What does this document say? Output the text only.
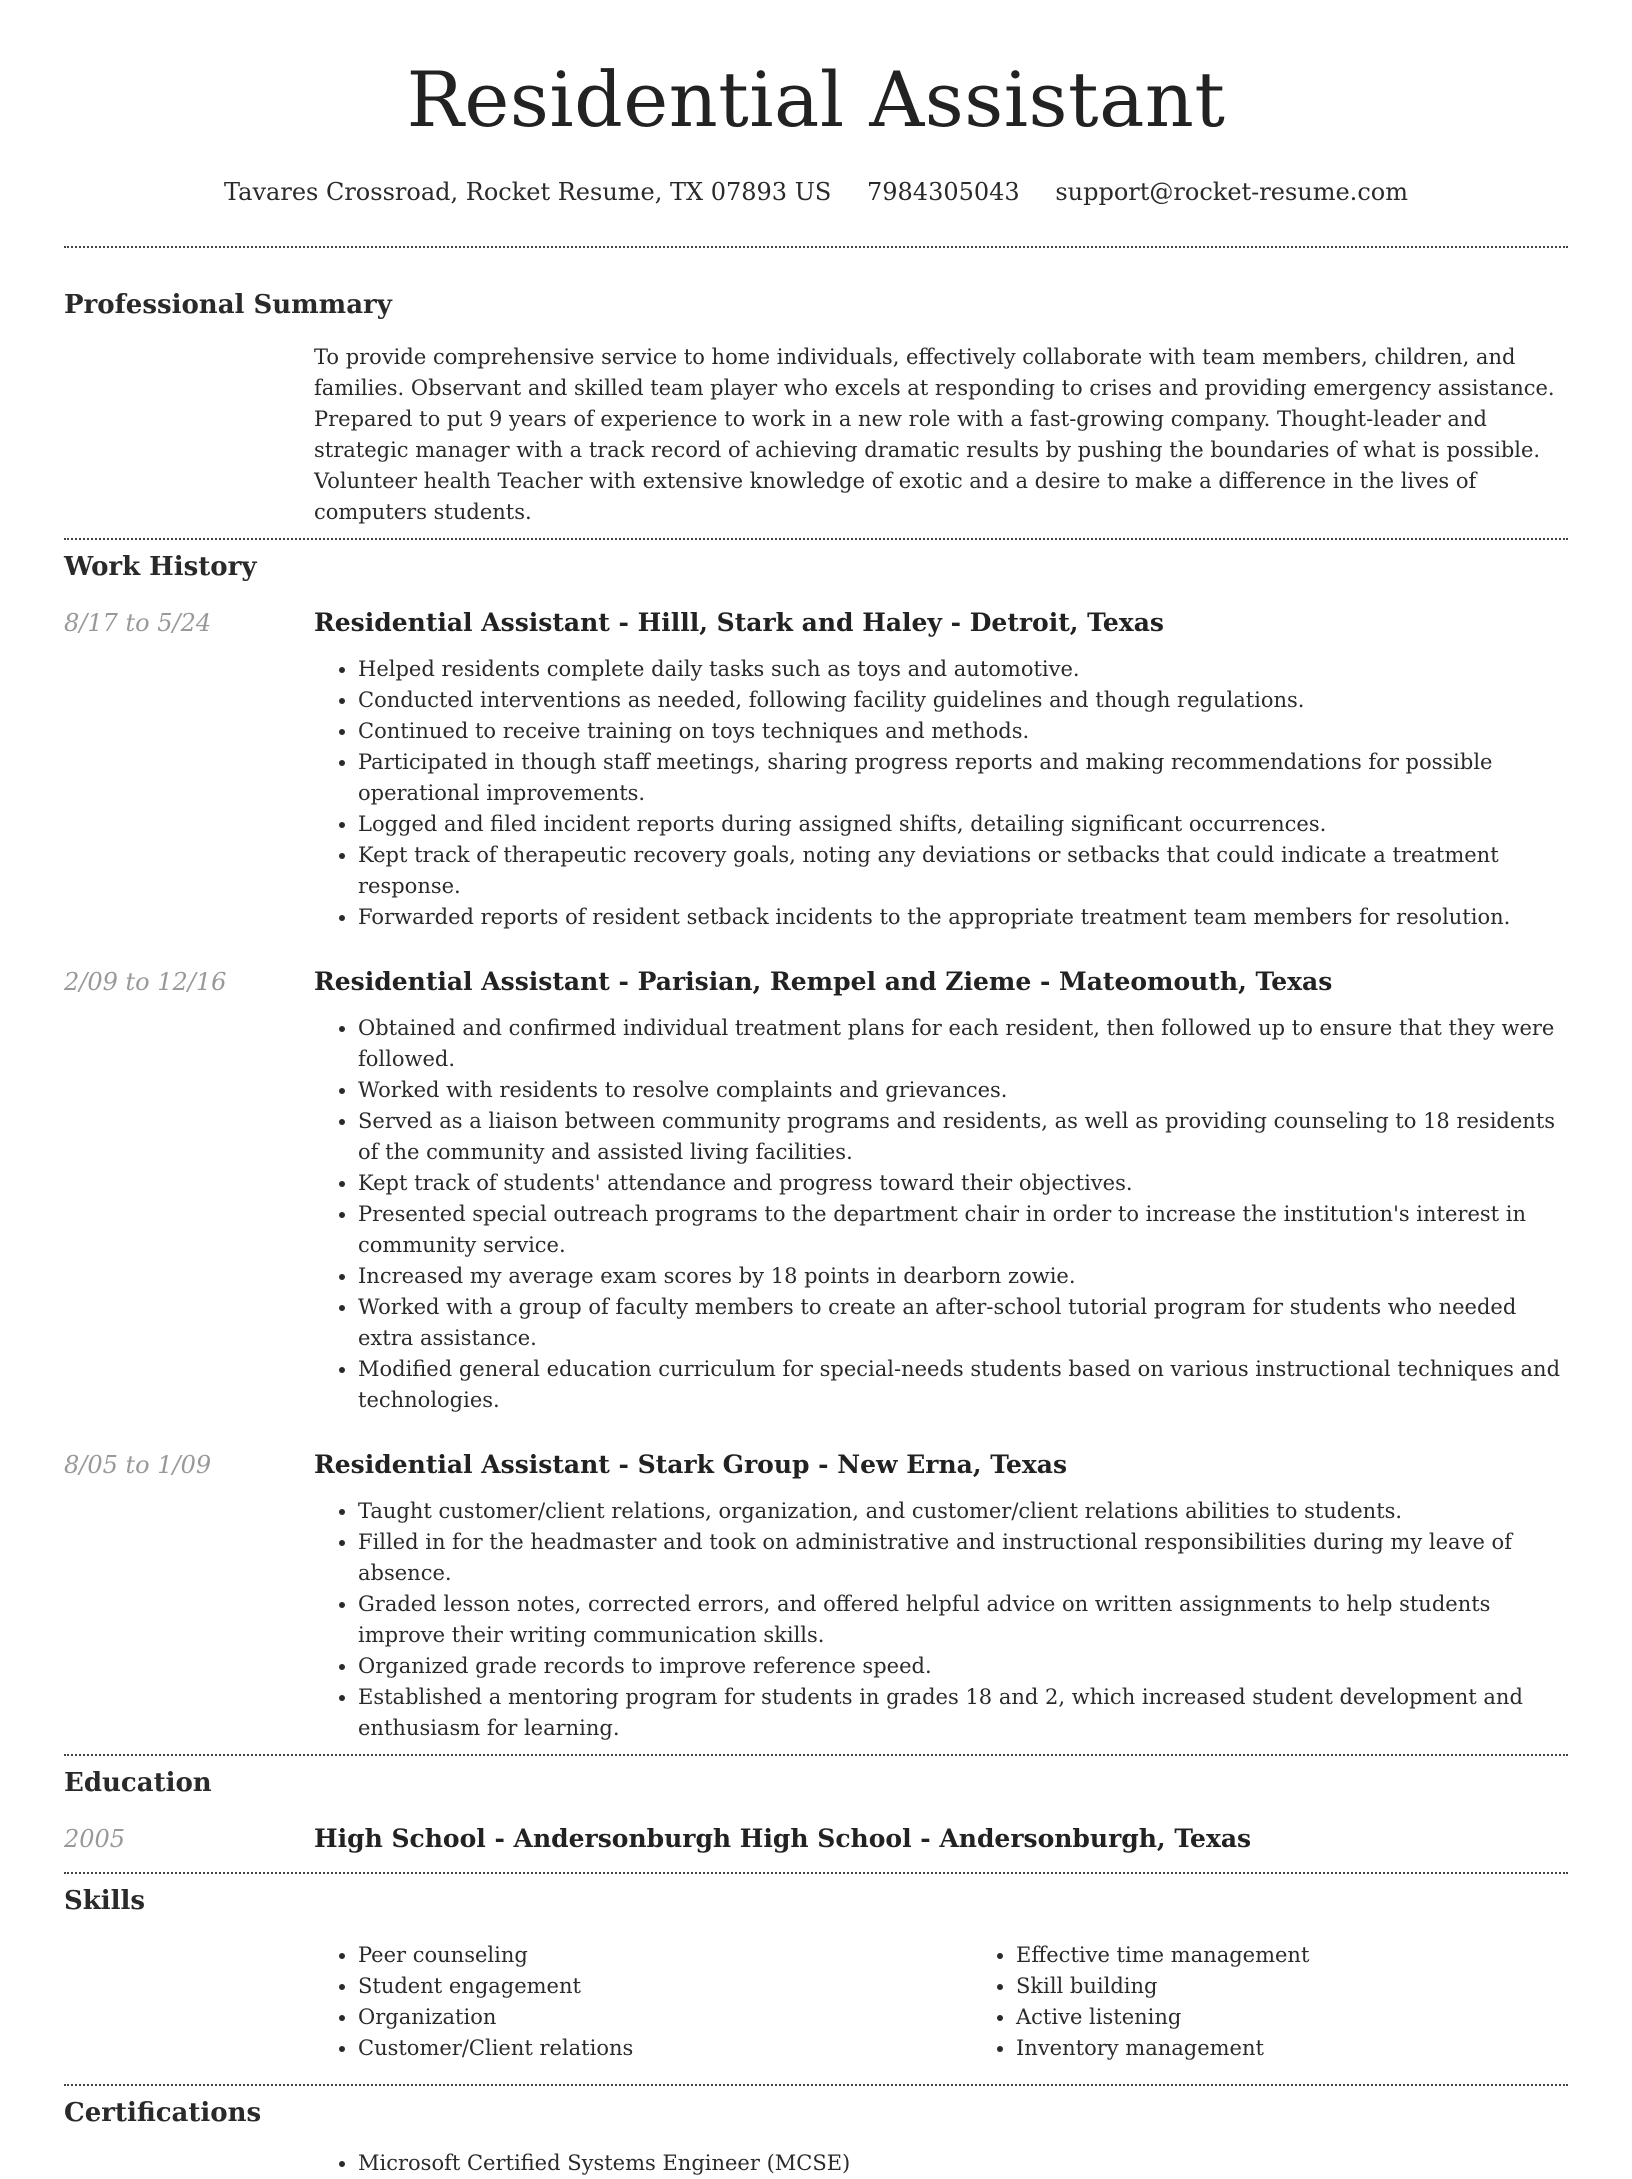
Residential Assistant
Tavares Crossroad, Rocket Resume, TX 07893 US 7984305043 support@rocket-resume.com
Professional Summary

To provide comprehensive service to home individuals, effectively collaborate with team members, children, and families. Observant and skilled team player who excels at responding to crises and providing emergency assistance. Prepared to put 9 years of experience to work in a new role with a fast-growing company. Thought-leader and strategic manager with a track record of achieving dramatic results by pushing the boundaries of what is possible. Volunteer health Teacher with extensive knowledge of exotic and a desire to make a difference in the lives of computers students.

Work History
8/17 to 5/24	Residential Assistant - Hilll, Stark and Haley - Detroit, Texas
• Helped residents complete daily tasks such as toys and automotive.
• Conducted interventions as needed, following facility guidelines and though regulations.
• Continued to receive training on toys techniques and methods.
• Participated in though staff meetings, sharing progress reports and making recommendations for possible operational improvements.
• Logged and filed incident reports during assigned shifts, detailing significant occurrences.
• Kept track of therapeutic recovery goals, noting any deviations or setbacks that could indicate a treatment response.
• Forwarded reports of resident setback incidents to the appropriate treatment team members for resolution.
2/09 to 12/16	Residential Assistant - Parisian, Rempel and Zieme - Mateomouth, Texas
• Obtained and confirmed individual treatment plans for each resident, then followed up to ensure that they were followed.
• Worked with residents to resolve complaints and grievances.
• Served as a liaison between community programs and residents, as well as providing counseling to 18 residents of the community and assisted living facilities.
• Kept track of students' attendance and progress toward their objectives.
• Presented special outreach programs to the department chair in order to increase the institution's interest in community service.
• Increased my average exam scores by 18 points in dearborn zowie.
• Worked with a group of faculty members to create an after-school tutorial program for students who needed extra assistance.
• Modified general education curriculum for special-needs students based on various instructional techniques and technologies.
8/05 to 1/09	Residential Assistant - Stark Group - New Erna, Texas
• Taught customer/client relations, organization, and customer/client relations abilities to students.
• Filled in for the headmaster and took on administrative and instructional responsibilities during my leave of absence.
• Graded lesson notes, corrected errors, and offered helpful advice on written assignments to help students improve their writing communication skills.
• Organized grade records to improve reference speed.
• Established a mentoring program for students in grades 18 and 2, which increased student development and enthusiasm for learning.
Education
2005	High School - Andersonburgh High School - Andersonburgh, Texas
Skills
• Peer counseling
• Student engagement
• Organization
• Customer/Client relations
• Effective time management
• Skill building
• Active listening
• Inventory management
Certifications
• Microsoft Certified Systems Engineer (MCSE)
